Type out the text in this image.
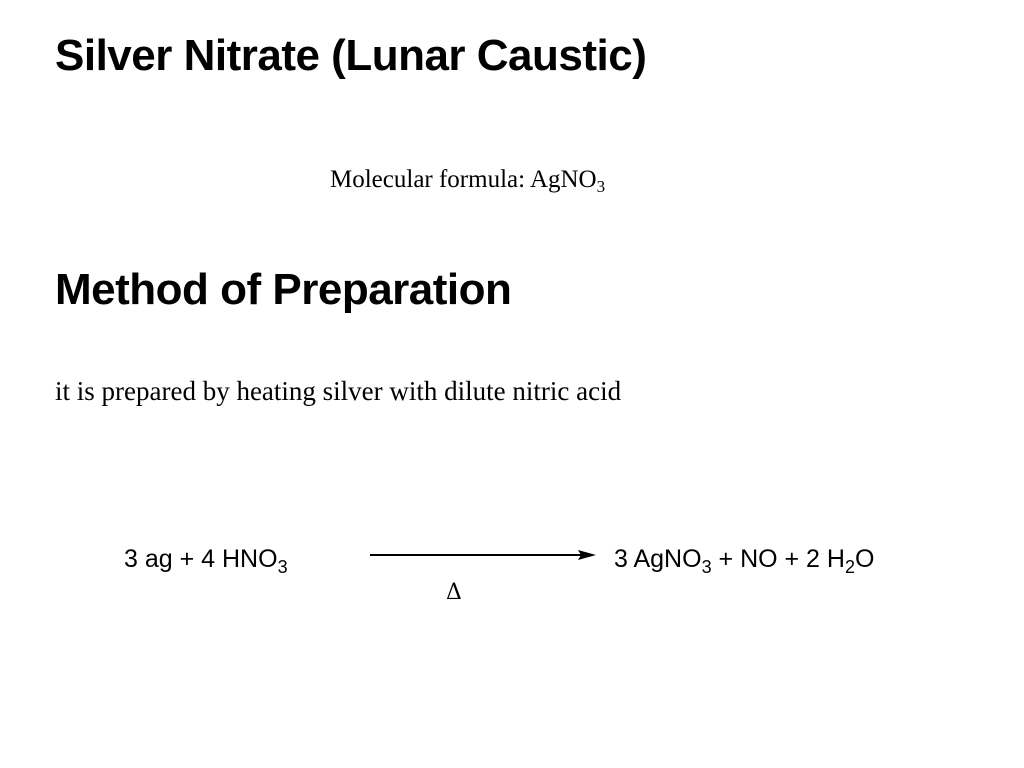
Silver Nitrate (Lunar Caustic)
Molecular formula: AgNO$_3$
Method of Preparation

it is prepared by heating silver with dilute nitric acid

3 ag + 4 $HNO_3$
Δ
3 AgNO$_3$ + NO + 2 $H_2O$
